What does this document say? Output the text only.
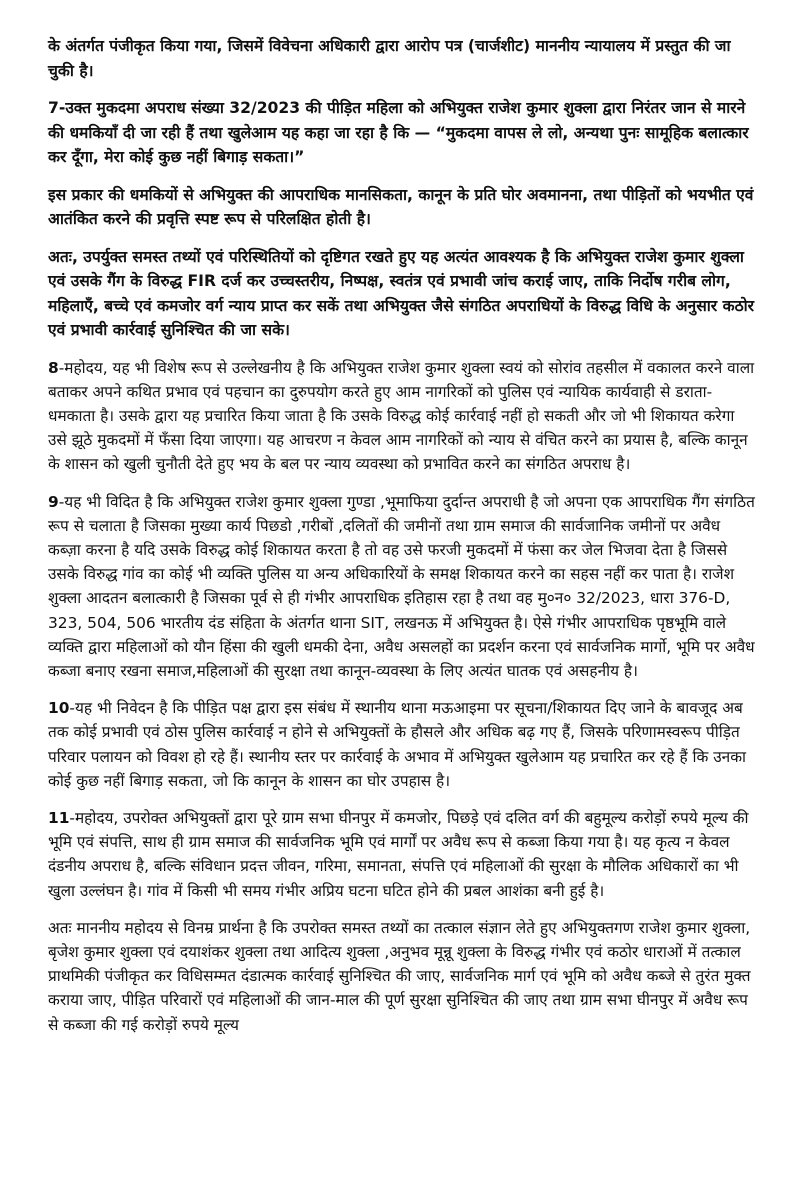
के अंतर्गत पंजीकृत किया गया, जिसमें विवेचना अधिकारी द्वारा आरोप पत्र (चार्जशीट) माननीय न्यायालय में प्रस्तुत की जा चुकी है।

7-उक्त मुकदमा अपराध संख्या 32/2023 की पीड़ित महिला को अभियुक्त राजेश कुमार शुक्ला द्वारा निरंतर जान से मारने की धमकियाँ दी जा रही हैं तथा खुलेआम यह कहा जा रहा है कि — “मुकदमा वापस ले लो, अन्यथा पुनः सामूहिक बलात्कार कर दूँगा, मेरा कोई कुछ नहीं बिगाड़ सकता।”

इस प्रकार की धमकियों से अभियुक्त की आपराधिक मानसिकता, कानून के प्रति घोर अवमानना, तथा पीड़ितों को भयभीत एवं आतंकित करने की प्रवृत्ति स्पष्ट रूप से परिलक्षित होती है।

अतः, उपर्युक्त समस्त तथ्यों एवं परिस्थितियों को दृष्टिगत रखते हुए यह अत्यंत आवश्यक है कि अभियुक्त राजेश कुमार शुक्ला एवं उसके गैंग के विरुद्ध FIR दर्ज कर उच्चस्तरीय, निष्पक्ष, स्वतंत्र एवं प्रभावी जांच कराई जाए, ताकि निर्दोष गरीब लोग, महिलाएँ, बच्चे एवं कमजोर वर्ग न्याय प्राप्त कर सकें तथा अभियुक्त जैसे संगठित अपराधियों के विरुद्ध विधि के अनुसार कठोर एवं प्रभावी कार्रवाई सुनिश्चित की जा सके।

8-महोदय, यह भी विशेष रूप से उल्लेखनीय है कि अभियुक्त राजेश कुमार शुक्ला स्वयं को सोरांव तहसील में वकालत करने वाला बताकर अपने कथित प्रभाव एवं पहचान का दुरुपयोग करते हुए आम नागरिकों को पुलिस एवं न्यायिक कार्यवाही से डराता-धमकाता है। उसके द्वारा यह प्रचारित किया जाता है कि उसके विरुद्ध कोई कार्रवाई नहीं हो सकती और जो भी शिकायत करेगा उसे झूठे मुकदमों में फँसा दिया जाएगा। यह आचरण न केवल आम नागरिकों को न्याय से वंचित करने का प्रयास है, बल्कि कानून के शासन को खुली चुनौती देते हुए भय के बल पर न्याय व्यवस्था को प्रभावित करने का संगठित अपराध है।

9-यह भी विदित है कि अभियुक्त राजेश कुमार शुक्ला गुण्डा ,भूमाफिया दुर्दान्त अपराधी है जो अपना एक आपराधिक गैंग संगठित रूप से चलाता है जिसका मुख्या कार्य पिछडो ,गरीबों ,दलितों की जमीनों तथा ग्राम समाज की सार्वजानिक जमीनों पर अवैध कब्ज़ा करना है यदि उसके विरुद्ध कोई शिकायत करता है तो वह उसे फरजी मुकदमों में फंसा कर जेल भिजवा देता है जिससे उसके विरुद्ध गांव का कोई भी व्यक्ति पुलिस या अन्य अधिकारियों के समक्ष शिकायत करने का सहस नहीं कर पाता है। राजेश शुक्ला आदतन बलात्कारी है जिसका पूर्व से ही गंभीर आपराधिक इतिहास रहा है तथा वह मु०न० 32/2023, धारा 376-D, 323, 504, 506 भारतीय दंड संहिता के अंतर्गत थाना SIT, लखनऊ में अभियुक्त है। ऐसे गंभीर आपराधिक पृष्ठभूमि वाले व्यक्ति द्वारा महिलाओं को यौन हिंसा की खुली धमकी देना, अवैध असलहों का प्रदर्शन करना एवं सार्वजनिक मार्गो, भूमि पर अवैध कब्जा बनाए रखना समाज,महिलाओं की सुरक्षा तथा कानून-व्यवस्था के लिए अत्यंत घातक एवं असहनीय है।

10-यह भी निवेदन है कि पीड़ित पक्ष द्वारा इस संबंध में स्थानीय थाना मऊआइमा पर सूचना/शिकायत दिए जाने के बावजूद अब तक कोई प्रभावी एवं ठोस पुलिस कार्रवाई न होने से अभियुक्तों के हौसले और अधिक बढ़ गए हैं, जिसके परिणामस्वरूप पीड़ित परिवार पलायन को विवश हो रहे हैं। स्थानीय स्तर पर कार्रवाई के अभाव में अभियुक्त खुलेआम यह प्रचारित कर रहे हैं कि उनका कोई कुछ नहीं बिगाड़ सकता, जो कि कानून के शासन का घोर उपहास है।

11-महोदय, उपरोक्त अभियुक्तों द्वारा पूरे ग्राम सभा घीनपुर में कमजोर, पिछड़े एवं दलित वर्ग की बहुमूल्य करोड़ों रुपये मूल्य की भूमि एवं संपत्ति, साथ ही ग्राम समाज की सार्वजनिक भूमि एवं मार्गों पर अवैध रूप से कब्जा किया गया है। यह कृत्य न केवल दंडनीय अपराध है, बल्कि संविधान प्रदत्त जीवन, गरिमा, समानता, संपत्ति एवं महिलाओं की सुरक्षा के मौलिक अधिकारों का भी खुला उल्लंघन है। गांव में किसी भी समय गंभीर अप्रिय घटना घटित होने की प्रबल आशंका बनी हुई है।

अतः माननीय महोदय से विनम्र प्रार्थना है कि उपरोक्त समस्त तथ्यों का तत्काल संज्ञान लेते हुए अभियुक्तगण राजेश कुमार शुक्ला, बृजेश कुमार शुक्ला एवं दयाशंकर शुक्ला तथा आदित्य शुक्ला ,अनुभव मून्नू शुक्ला के विरुद्ध गंभीर एवं कठोर धाराओं में तत्काल प्राथमिकी पंजीकृत कर विधिसम्मत दंडात्मक कार्रवाई सुनिश्चित की जाए, सार्वजनिक मार्ग एवं भूमि को अवैध कब्जे से तुरंत मुक्त कराया जाए, पीड़ित परिवारों एवं महिलाओं की जान-माल की पूर्ण सुरक्षा सुनिश्चित की जाए तथा ग्राम सभा घीनपुर में अवैध रूप से कब्जा की गई करोड़ों रुपये मूल्य
